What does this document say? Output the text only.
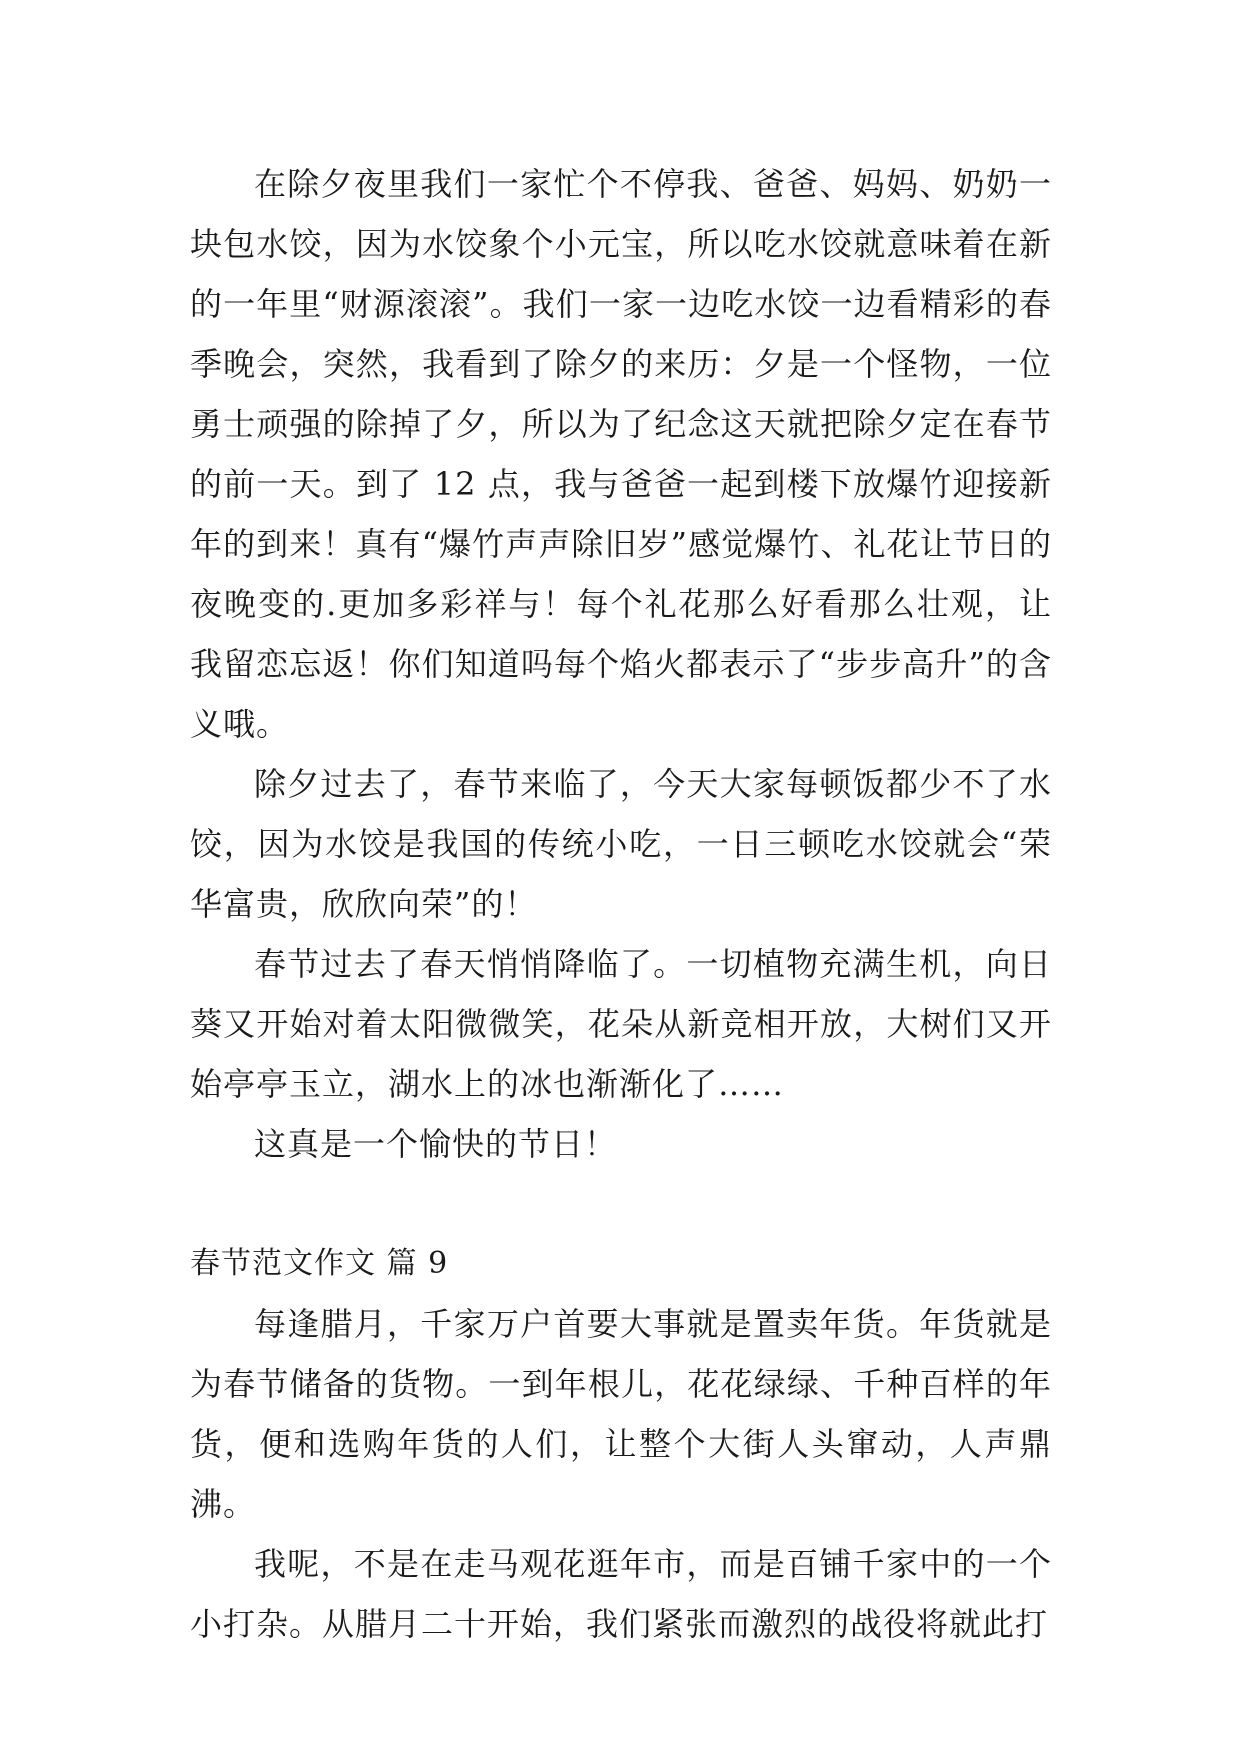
在除夕夜里我们一家忙个不停我、爸爸、妈妈、奶奶一块包水饺，因为水饺象个小元宝，所以吃水饺就意味着在新的一年里“财源滚滚”。我们一家一边吃水饺一边看精彩的春季晚会，突然，我看到了除夕的来历：夕是一个怪物，一位勇士顽强的除掉了夕，所以为了纪念这天就把除夕定在春节的前一天。到了 12 点，我与爸爸一起到楼下放爆竹迎接新年的到来！真有“爆竹声声除旧岁”感觉爆竹、礼花让节日的夜晚变的.更加多彩祥与！每个礼花那么好看那么壮观，让我留恋忘返！你们知道吗每个焰火都表示了“步步高升”的含义哦。

除夕过去了，春节来临了，今天大家每顿饭都少不了水饺，因为水饺是我国的传统小吃，一日三顿吃水饺就会“荣华富贵，欣欣向荣”的！

春节过去了春天悄悄降临了。一切植物充满生机，向日葵又开始对着太阳微微笑，花朵从新竞相开放，大树们又开始亭亭玉立，湖水上的冰也渐渐化了……

这真是一个愉快的节日！

春节范文作文 篇 9

每逢腊月，千家万户首要大事就是置卖年货。年货就是为春节储备的货物。一到年根儿，花花绿绿、千种百样的年货，便和选购年货的人们，让整个大街人头窜动，人声鼎沸。

我呢，不是在走马观花逛年市，而是百铺千家中的一个小打杂。从腊月二十开始，我们紧张而激烈的战役将就此打
